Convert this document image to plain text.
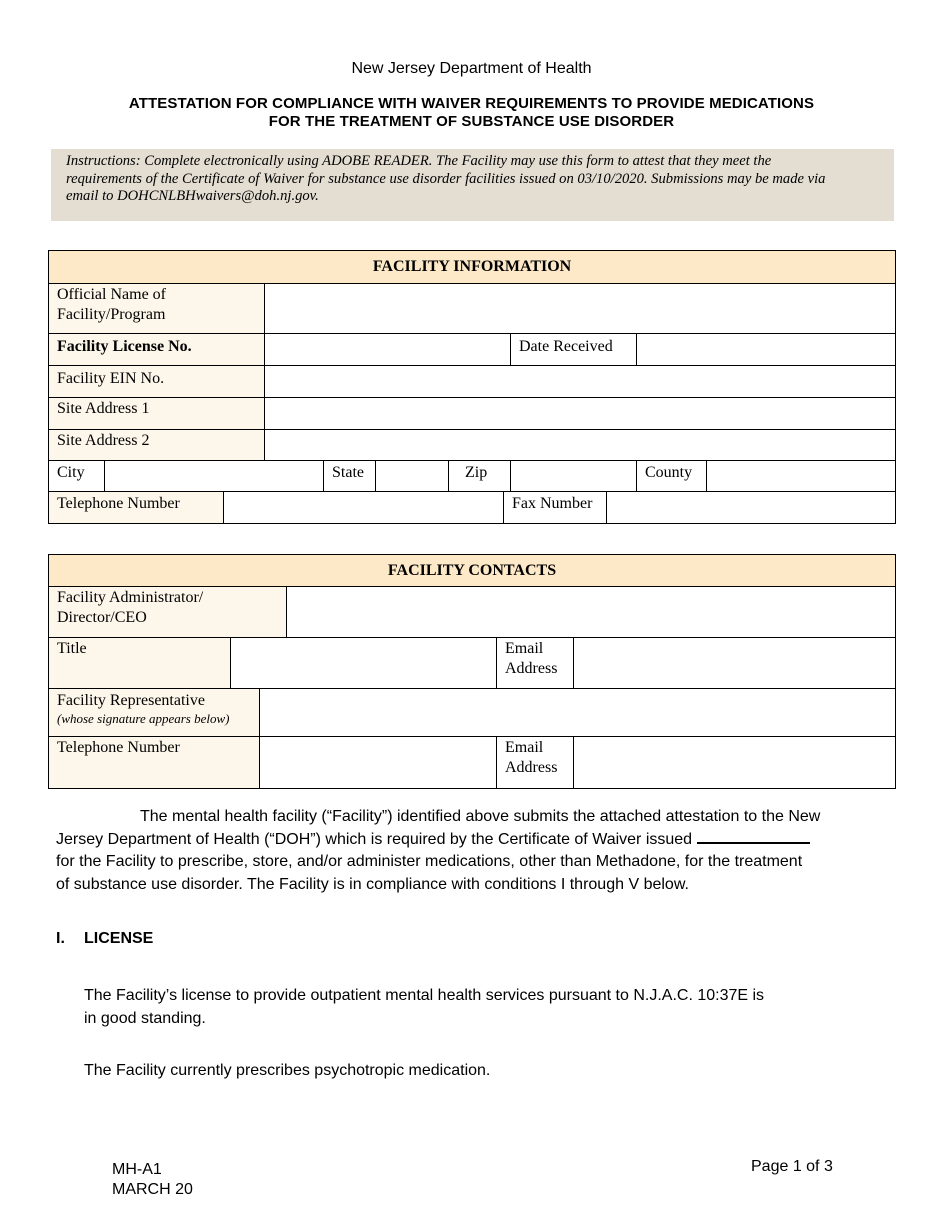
New Jersey Department of Health
ATTESTATION FOR COMPLIANCE WITH WAIVER REQUIREMENTS TO PROVIDE MEDICATIONS
FOR THE TREATMENT OF SUBSTANCE USE DISORDER
Instructions: Complete electronically using ADOBE READER. The Facility may use this form to attest that they meet the
requirements of the Certificate of Waiver for substance use disorder facilities issued on 03/10/2020. Submissions may be made via
email to DOHCNLBHwaivers@doh.nj.gov.
FACILITY INFORMATION								

Official Name of
Facility/Program								

Facility License No.						Date Received		
Facility EIN No.								
Site Address 1								
Site Address 2								
City			State		Zip		County	
Telephone Number		Fax Number	
FACILITY CONTACTS

Facility Administrator/
Director/CEO

Title		Email
Address

Facility Representative
(whose signature appears below)

Telephone Number		Email
Address

The mental health facility (“Facility”) identified above submits the attached attestation to the New
Jersey Department of Health (“DOH”) which is required by the Certificate of Waiver issued
for the Facility to prescribe, store, and/or administer medications, other than Methadone, for the treatment
of substance use disorder. The Facility is in compliance with conditions I through V below.
I. LICENSE
The Facility’s license to provide outpatient mental health services pursuant to N.J.A.C. 10:37E is
in good standing.
The Facility currently prescribes psychotropic medication.
MH-A1
MARCH 20
Page 1 of 3
